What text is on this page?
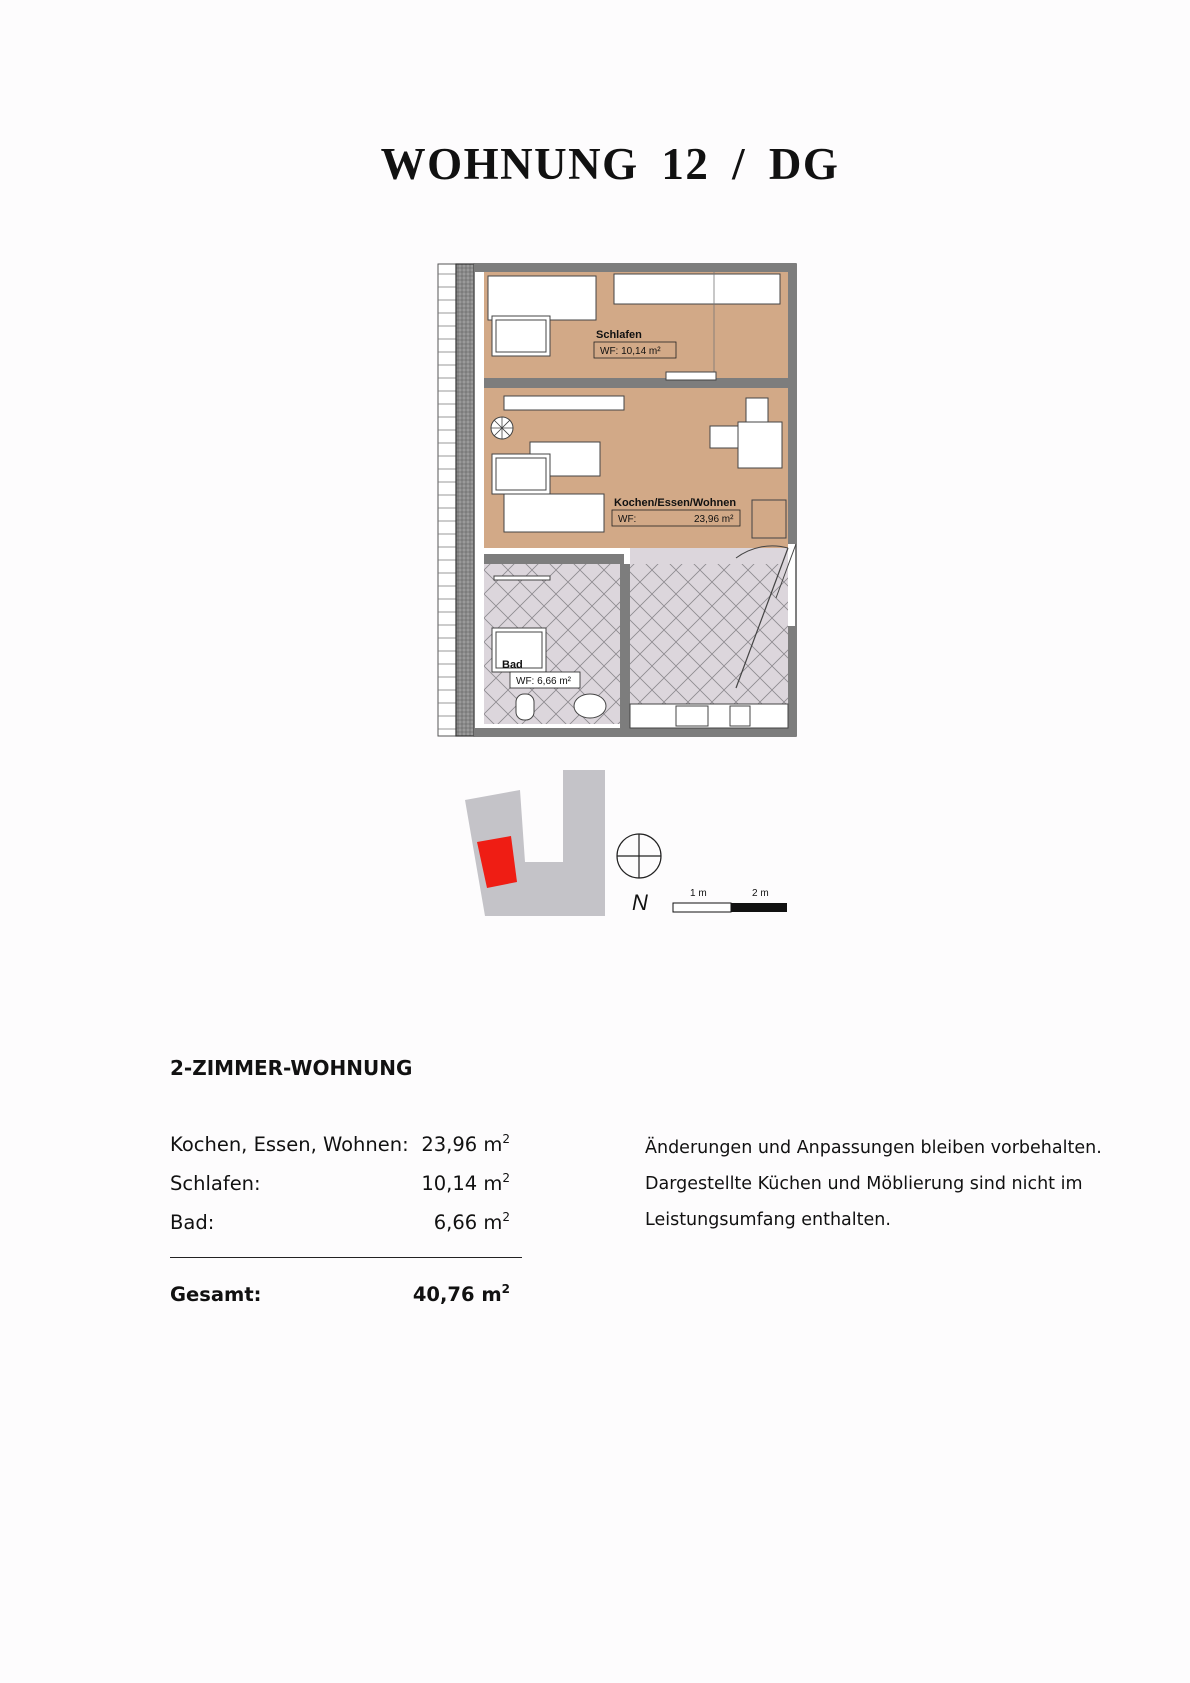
WOHNUNG 12 / DG
Schlafen
WF: 10,14 m²
Kochen/Essen/Wohnen
WF:	23,96 m²
Bad
WF: 6,66 m²
N	1 m	2 m
2-ZIMMER-WOHNUNG
Kochen, Essen, Wohnen: 23,96 $m^2$
Schlafen:	10,14 $m^2$
Bad:	6,66 $m^2$
Gesamt:	40,76 $m^2$

Änderungen und Anpassungen bleiben vorbehalten.

Dargestellte Küchen und Möblierung sind nicht im

Leistungsumfang enthalten.
